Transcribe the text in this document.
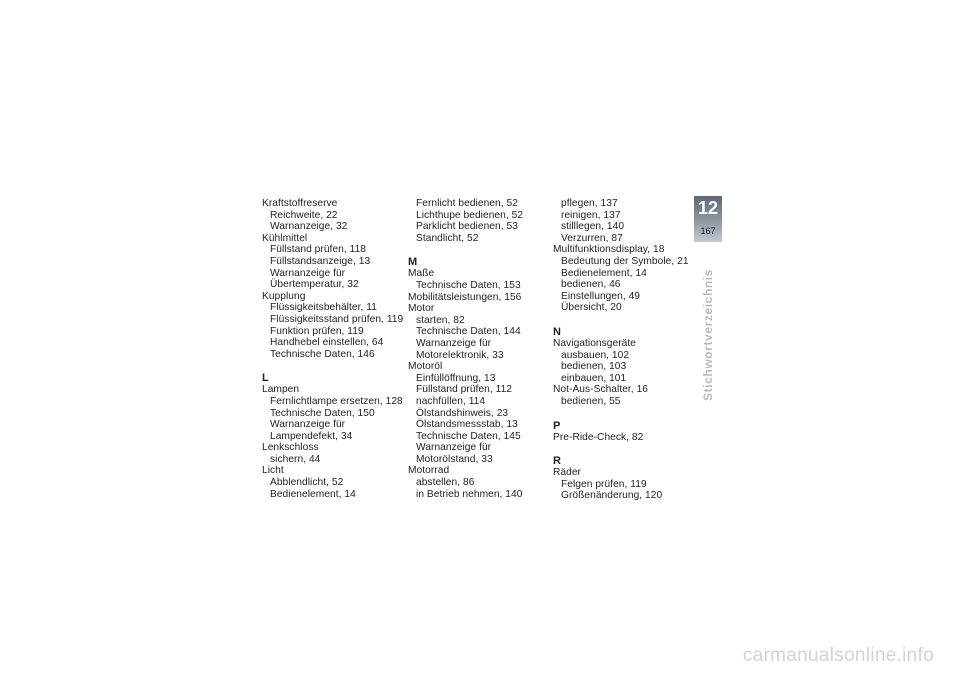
Kraftstoffreserve
Reichweite, 22
Warnanzeige, 32
Kühlmittel
Füllstand prüfen, 118
Füllstandsanzeige, 13
Warnanzeige für
Übertemperatur, 32
Kupplung
Flüssigkeitsbehälter, 11
Flüssigkeitsstand prüfen, 119
Funktion prüfen, 119
Handhebel einstellen, 64
Technische Daten, 146
L
Lampen
Fernlichtlampe ersetzen, 128
Technische Daten, 150
Warnanzeige für
Lampendefekt, 34
Lenkschloss
sichern, 44
Licht
Abblendlicht, 52
Bedienelement, 14
Fernlicht bedienen, 52
Lichthupe bedienen, 52
Parklicht bedienen, 53
Standlicht, 52
M
Maße
Technische Daten, 153
Mobilitätsleistungen, 156
Motor
starten, 82
Technische Daten, 144
Warnanzeige für
Motorelektronik, 33
Motoröl
Einfüllöffnung, 13
Füllstand prüfen, 112
nachfüllen, 114
Ölstandshinweis, 23
Ölstandsmessstab, 13
Technische Daten, 145
Warnanzeige für
Motorölstand, 33
Motorrad
abstellen, 86
in Betrieb nehmen, 140
pflegen, 137
reinigen, 137
stilllegen, 140
Verzurren, 87
Multifunktionsdisplay, 18
Bedeutung der Symbole, 21
Bedienelement, 14
bedienen, 46
Einstellungen, 49
Übersicht, 20
N
Navigationsgeräte
ausbauen, 102
bedienen, 103
einbauen, 101
Not-Aus-Schalter, 16
bedienen, 55
P
Pre-Ride-Check, 82
R
Räder
Felgen prüfen, 119
Größenänderung, 120
12
167
Stichwortverzeichnis
carmanualsonline.info
